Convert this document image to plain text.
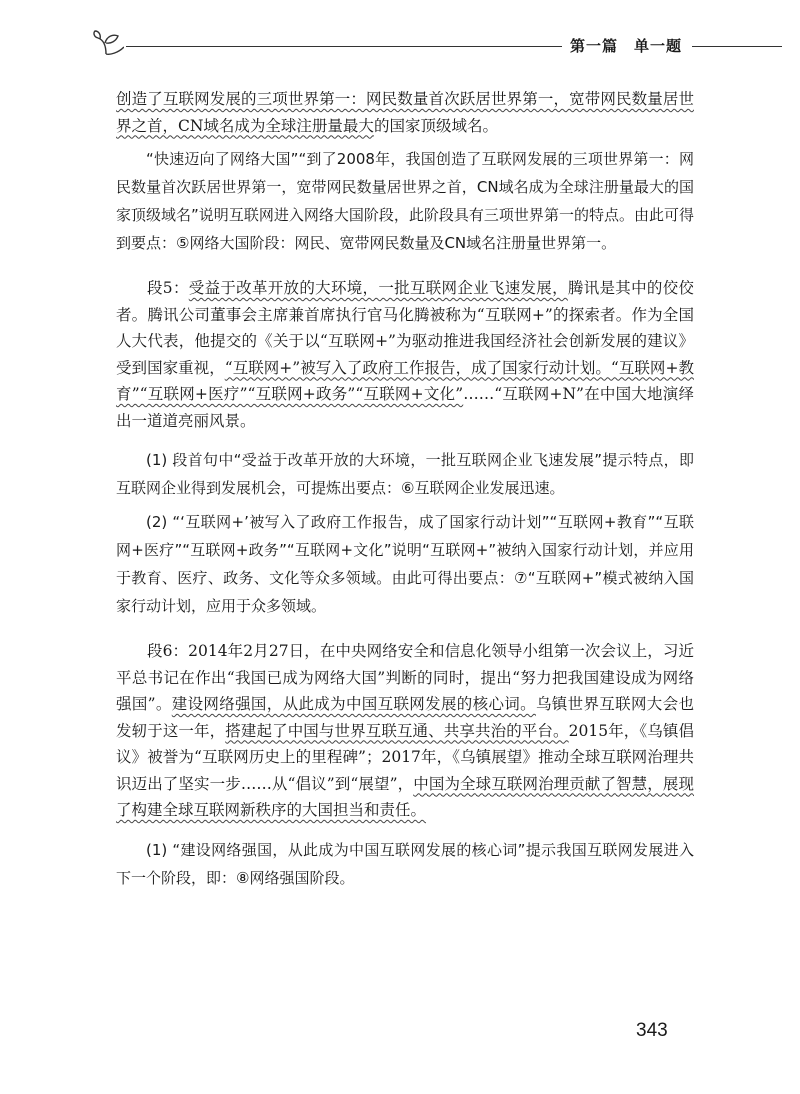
第一篇　单一题

创造了互联网发展的三项世界第一：网民数量首次跃居世界第一，宽带网民数量居世界之首，CN域名成为全球注册量最大的国家顶级域名。

“快速迈向了网络大国”“到了2008年，我国创造了互联网发展的三项世界第一：网民数量首次跃居世界第一，宽带网民数量居世界之首，CN域名成为全球注册量最大的国家顶级域名”说明互联网进入网络大国阶段，此阶段具有三项世界第一的特点。由此可得到要点：⑤网络大国阶段：网民、宽带网民数量及CN域名注册量世界第一。

段5：受益于改革开放的大环境，一批互联网企业飞速发展，腾讯是其中的佼佼者。腾讯公司董事会主席兼首席执行官马化腾被称为“互联网+”的探索者。作为全国人大代表，他提交的《关于以“互联网+”为驱动推进我国经济社会创新发展的建议》受到国家重视，“互联网+”被写入了政府工作报告，成了国家行动计划。“互联网+教育”“互联网+医疗”“互联网+政务”“互联网+文化”……“互联网+N”在中国大地演绎出一道道亮丽风景。

(1) 段首句中“受益于改革开放的大环境，一批互联网企业飞速发展”提示特点，即互联网企业得到发展机会，可提炼出要点：⑥互联网企业发展迅速。

(2) “‘互联网+’被写入了政府工作报告，成了国家行动计划”“互联网+教育”“互联网+医疗”“互联网+政务”“互联网+文化”说明“互联网+”被纳入国家行动计划，并应用于教育、医疗、政务、文化等众多领域。由此可得出要点：⑦“互联网+”模式被纳入国家行动计划，应用于众多领域。

段6：2014年2月27日，在中央网络安全和信息化领导小组第一次会议上，习近平总书记在作出“我国已成为网络大国”判断的同时，提出“努力把我国建设成为网络强国”。建设网络强国，从此成为中国互联网发展的核心词。乌镇世界互联网大会也发轫于这一年，搭建起了中国与世界互联互通、共享共治的平台。2015年，《乌镇倡议》被誉为“互联网历史上的里程碑”；2017年，《乌镇展望》推动全球互联网治理共识迈出了坚实一步……从“倡议”到“展望”，中国为全球互联网治理贡献了智慧，展现了构建全球互联网新秩序的大国担当和责任。

(1) “建设网络强国，从此成为中国互联网发展的核心词”提示我国互联网发展进入下一个阶段，即：⑧网络强国阶段。

343
